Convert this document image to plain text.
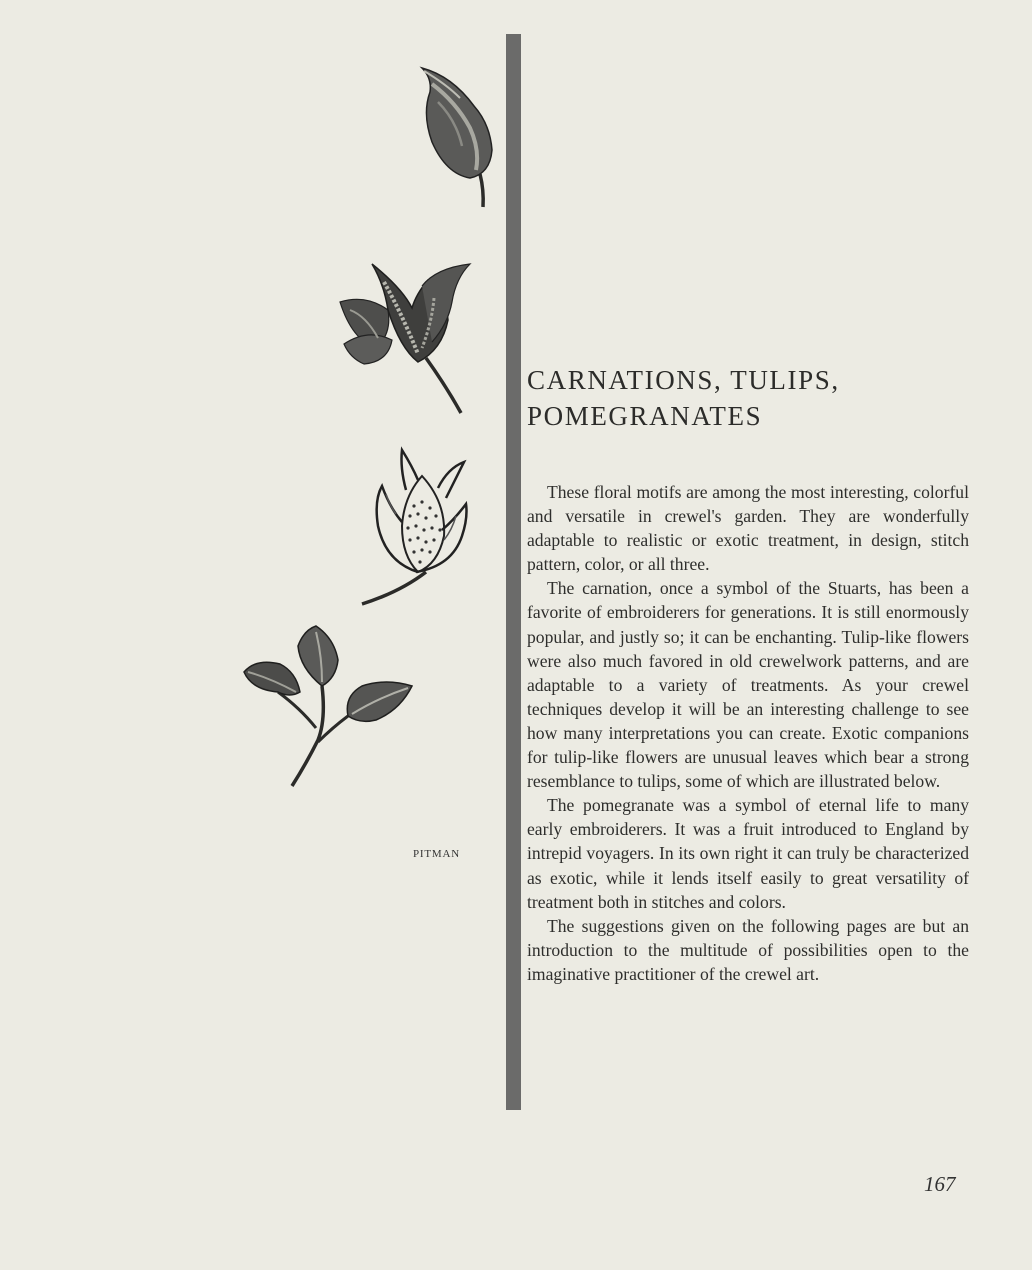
CARNATIONS, TULIPS,
POMEGRANATES

These floral motifs are among the most interesting, colorful and versatile in crewel's garden. They are wonderfully adaptable to realistic or exotic treatment, in design, stitch pattern, color, or all three.

The carnation, once a symbol of the Stuarts, has been a favorite of embroiderers for generations. It is still enormously popular, and justly so; it can be enchanting. Tulip-like flowers were also much favored in old crewelwork patterns, and are adaptable to a variety of treatments. As your crewel techniques develop it will be an interesting challenge to see how many interpretations you can create. Exotic companions for tulip-like flowers are unusual leaves which bear a strong resemblance to tulips, some of which are illustrated below.

The pomegranate was a symbol of eternal life to many early embroiderers. It was a fruit introduced to England by intrepid voyagers. In its own right it can truly be characterized as exotic, while it lends itself easily to great versatility of treatment both in stitches and colors.

The suggestions given on the following pages are but an introduction to the multitude of possibilities open to the imaginative practitioner of the crewel art.

PITMAN
167
